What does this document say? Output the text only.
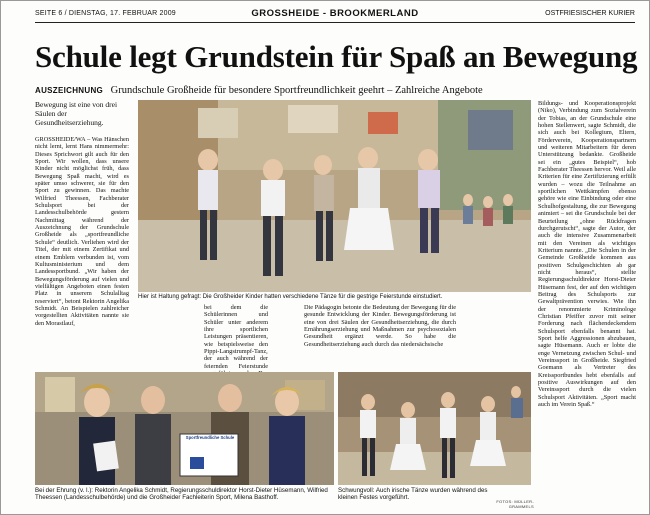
SEITE 6 / DIENSTAG, 17. FEBRUAR 2009	GROSSHEIDE - BROOKMERLAND	OSTFRIESISCHER KURIER
Schule legt Grundstein für Spaß an Bewegung
AUSZEICHNUNG Grundschule Großheide für besondere Sportfreundlichkeit geehrt – Zahlreiche Angebote

Bewegung ist eine von drei Säulen der Gesundheitserziehung.

GROSSHEIDE/WA – Was Hänschen nicht lernt, lernt Hans nimmermehr: Dieses Sprichwort gilt auch für den Sport. Wir wollen, dass unsere Kinder nicht möglichst früh, dass Bewegung Spaß macht, wird es später umso schwerer, sie für den Sport zu gewinnen. Das machte Wilfried Theessen, Fachberater Schulsport bei der Landesschulbehörde gestern Nachmittag während der Auszeichnung der Grundschule Großheide als „sportfreundliche Schule“ deutlich. Verliehen wird der Titel, der mit einem Zertifikat und einem Emblem verbunden ist, vom Kultusministerium und dem Landessportbund. „Wir haben der Bewegungsförderung auf vielen und vielfältigen Angeboten einen festen Platz in unserem Schulalltag reserviert“, betont Rektorin Angelika Schmidt. An Beispielen zahlreicher vorgestellten Aktivitäten nannte sie den Morastlauf,

Hier ist Haltung gefragt: Die Großheider Kinder hatten verschiedene Tänze für die gestrige Feierstunde einstudiert.

bei dem die Schülerinnen und Schüler unter anderem ihre sportlichen Leistungen präsentieren, wie beispielsweise den Pippi-Langstrumpf-Tanz, der auch während der feiernden Feierstunde

Die Pädagogin betonte die Bedeutung der Bewegung für die gesunde Entwicklung der Kinder. Bewegungsförderung ist eine von drei Säulen der Gesundheitserziehung, die durch Ernährungserziehung und Maßnahmen zur psychosozialen Gesundheit ergänzt werde. So habe die Gesundheitserziehung auch durch das niedersächsische

Bildungs- und Kooperationsprojekt (Niko), Verbindung zum Sozialverein der Tobias, an der Grundschule eine hohen Stellenwert, sagte Schmidt, die sich auch bei Kollegium, Eltern, Förderverein, Kooperationspartnern und weiteren Mitarbeitern für deren Unterstützung bedankte. Großheide sei ein „gutes Beispiel“, hob Fachberater Theessen hervor. Weil alle Kriterien für eine Zertifizierung erfüllt wurden – wozu die Teilnahme an sportlichen Wettkämpfen ebenso gehöre wie eine Einbindung oder eine Schulhofgestaltung, die zur Bewegung animiert – sei die Grundschule bei der Beurteilung „ohne Rückfragen durchgerutscht“, sagte der Autor, der auch die intensive Zusammenarbeit mit den Vereinen als wichtiges Kriterium nannte. „Die Schulen in der Gemeinde Großheide kommen aus positiven Schulgeschichten ab gar nicht heraus“, stellte Regierungsschuldirektor Horst-Dieter Hüsemann fest, der auf den wichtigen Beitrag des Schulsports zur Gewaltprävention verwies. Wie ihn der renommierte Kriminologe Christian Pfeiffer zuvor mit seiner Forderung nach flächendeckendem Schulsport ebenfalls benannt hat. Sport helfe Aggressionen abzubauen, sagte Hüsemann. Auch er lobte die enge Vernetzung zwischen Schul- und Vereinssport in Großheide. Siegfried Goemann als Vertreter des Kreissportbundes hebt ebenfalls auf positive Auswirkungen auf den Vereinssport durch die vielen Schulsport Aktivitäten. „Sport macht auch im Verein Spaß.“

Sportfreundliche Schule
Bei der Ehrung (v. l.): Rektorin Angelika Schmidt, Regierungsschuldirektor Horst-Dieter Hüsemann, Wilfried Theessen (Landesschulbehörde) und die Großheider Fachleiterin Sport, Milena Basthoff.
Schwungvoll: Auch irische Tänze wurden während des kleinen Festes vorgeführt.
FOTOS: MÜLLER-GRAMMELS
